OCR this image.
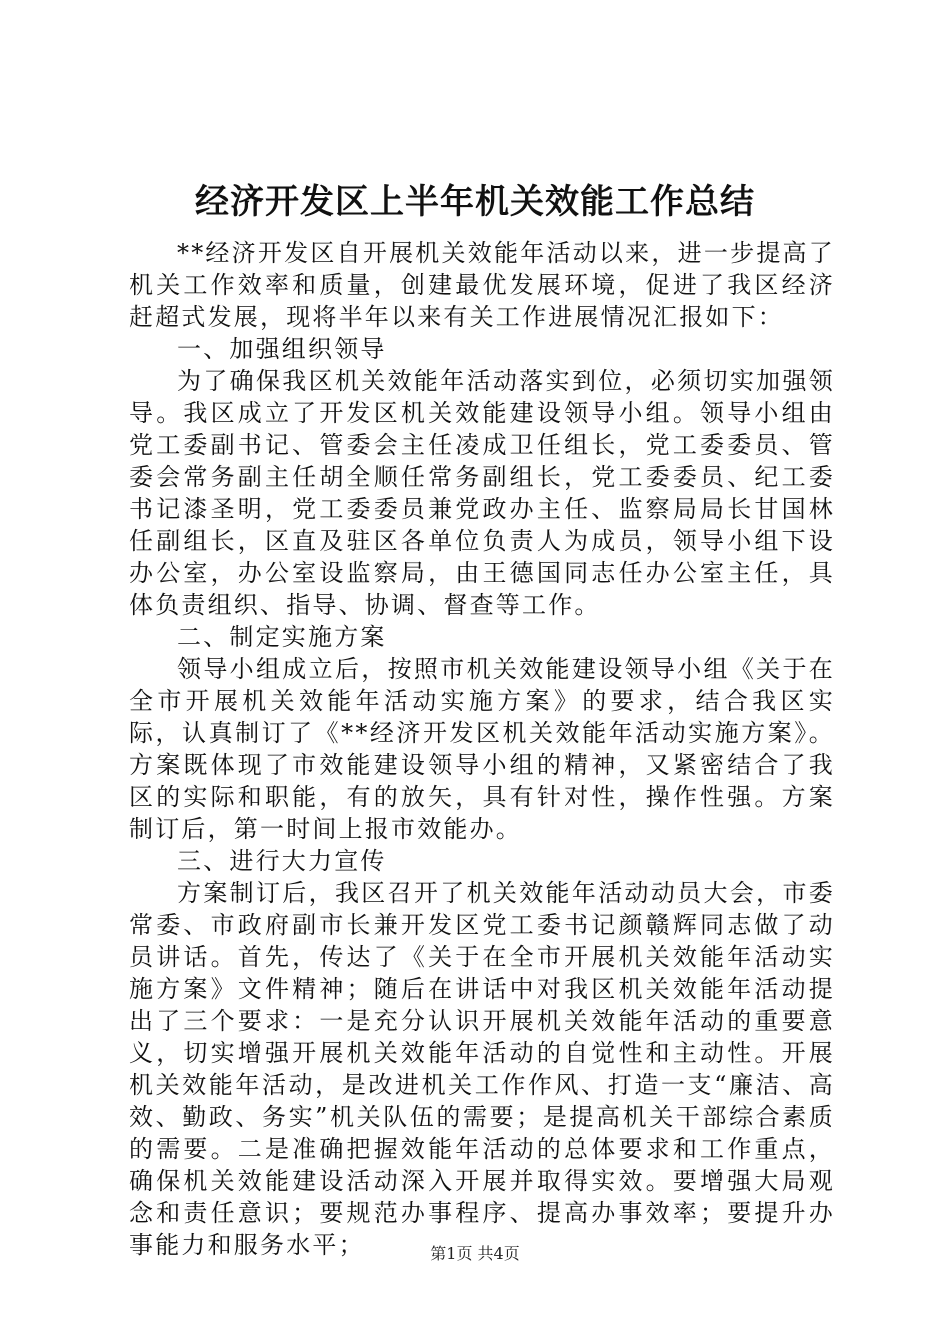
经济开发区上半年机关效能工作总结

**经济开发区自开展机关效能年活动以来，进一步提高了机关工作效率和质量，创建最优发展环境，促进了我区经济赶超式发展，现将半年以来有关工作进展情况汇报如下：

一、加强组织领导

为了确保我区机关效能年活动落实到位，必须切实加强领导。我区成立了开发区机关效能建设领导小组。领导小组由党工委副书记、管委会主任凌成卫任组长，党工委委员、管委会常务副主任胡全顺任常务副组长，党工委委员、纪工委书记漆圣明，党工委委员兼党政办主任、监察局局长甘国林任副组长，区直及驻区各单位负责人为成员，领导小组下设办公室，办公室设监察局，由王德国同志任办公室主任，具体负责组织、指导、协调、督查等工作。

二、制定实施方案

领导小组成立后，按照市机关效能建设领导小组《关于在全市开展机关效能年活动实施方案》的要求，结合我区实际，认真制订了《**经济开发区机关效能年活动实施方案》。方案既体现了市效能建设领导小组的精神，又紧密结合了我区的实际和职能，有的放矢，具有针对性，操作性强。方案制订后，第一时间上报市效能办。

三、进行大力宣传

方案制订后，我区召开了机关效能年活动动员大会，市委常委、市政府副市长兼开发区党工委书记颜赣辉同志做了动员讲话。首先，传达了《关于在全市开展机关效能年活动实施方案》文件精神；随后在讲话中对我区机关效能年活动提出了三个要求：一是充分认识开展机关效能年活动的重要意义，切实增强开展机关效能年活动的自觉性和主动性。开展机关效能年活动，是改进机关工作作风、打造一支“廉洁、高效、勤政、务实”机关队伍的需要；是提高机关干部综合素质的需要。二是准确把握效能年活动的总体要求和工作重点，确保机关效能建设活动深入开展并取得实效。要增强大局观念和责任意识；要规范办事程序、提高办事效率；要提升办事能力和服务水平；	第1页 共4页
